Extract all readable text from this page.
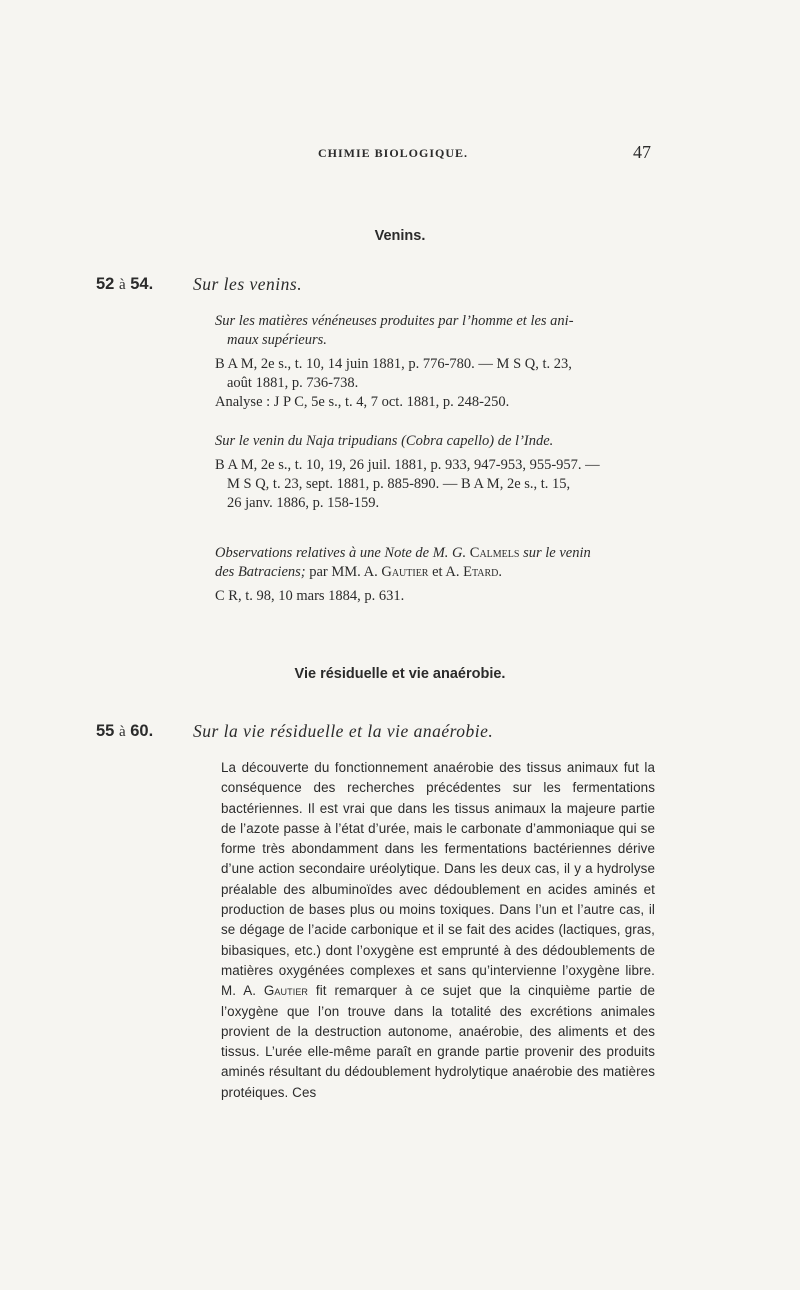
CHIMIE BIOLOGIQUE.	47
Venins.
52 à 54. Sur les venins.

Sur les matières vénéneuses produites par l’homme et les ani-

maux supérieurs.

B A M, 2e s., t. 10, 14 juin 1881, p. 776-780. — M S Q, t. 23,

août 1881, p. 736-738.

Analyse : J P C, 5e s., t. 4, 7 oct. 1881, p. 248-250.

Sur le venin du Naja tripudians (Cobra capello) de l’Inde.

B A M, 2e s., t. 10, 19, 26 juil. 1881, p. 933, 947-953, 955-957. —

M S Q, t. 23, sept. 1881, p. 885-890. — B A M, 2e s., t. 15,

26 janv. 1886, p. 158-159.

Observations relatives à une Note de M. G. Calmels sur le venin

des Batraciens; par MM. A. Gautier et A. Etard.

C R, t. 98, 10 mars 1884, p. 631.

Vie résiduelle et vie anaérobie.
55 à 60. Sur la vie résiduelle et la vie anaérobie.

La découverte du fonctionnement anaérobie des tissus animaux fut la conséquence des recherches précédentes sur les fermentations bactériennes. Il est vrai que dans les tissus animaux la majeure partie de l’azote passe à l’état d’urée, mais le carbonate d’ammoniaque qui se forme très abondamment dans les fermentations bactériennes dérive d’une action secondaire uréolytique. Dans les deux cas, il y a hydrolyse préalable des albuminoïdes avec dédoublement en acides aminés et production de bases plus ou moins toxiques. Dans l’un et l’autre cas, il se dégage de l’acide carbonique et il se fait des acides (lactiques, gras, bibasiques, etc.) dont l’oxygène est emprunté à des dédoublements de matières oxygénées complexes et sans qu’intervienne l’oxygène libre. M. A. Gautier fit remarquer à ce sujet que la cinquième partie de l’oxygène que l’on trouve dans la totalité des excrétions animales provient de la destruction autonome, anaérobie, des aliments et des tissus. L’urée elle-même paraît en grande partie provenir des produits aminés résultant du dédoublement hydrolytique anaérobie des matières protéiques. Ces
